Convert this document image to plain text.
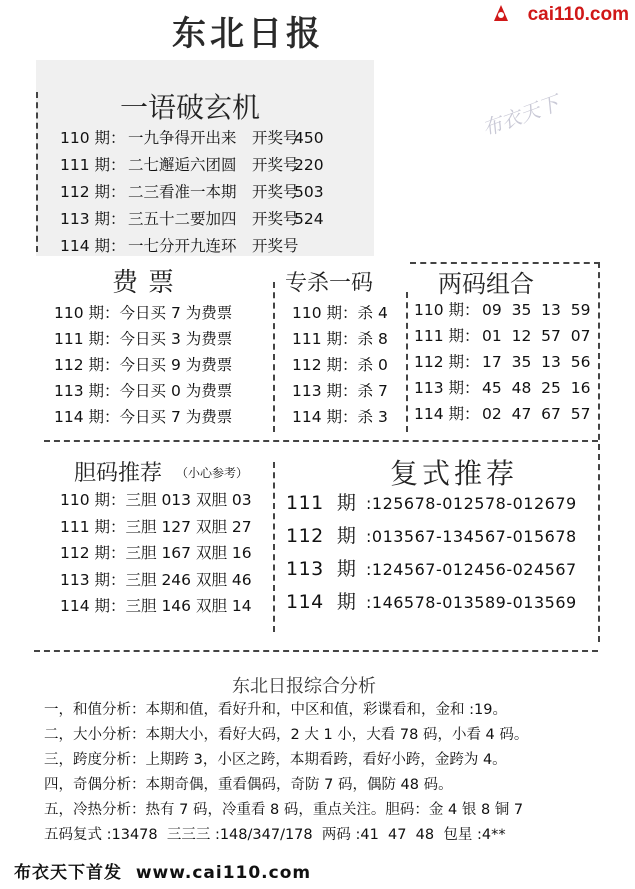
东北日报	cai110.com
一语破玄机
110 期： 一九争得开出来 开奖号450
111 期： 二七邂逅六团圆 开奖号220
112 期： 二三看准一本期 开奖号503
113 期： 三五十二要加四 开奖号524
114 期： 一七分开九连环 开奖号
布衣天下
费票
110 期：今日买 7 为费票
111 期：今日买 3 为费票
112 期：今日买 9 为费票
113 期：今日买 0 为费票
114 期：今日买 7 为费票
专杀一码
110 期：杀 4
111 期：杀 8
112 期：杀 0
113 期：杀 7
114 期：杀 3
两码组合
110 期： 09  35  13  59
111 期： 01  12  57  07
112 期： 17  35  13  56
113 期： 45  48  25  16
114 期： 02  47  67  57
胆码推荐 （小心参考）
110 期：三胆 013 双胆 03
111 期：三胆 127 双胆 27
112 期：三胆 167 双胆 16
113 期：三胆 246 双胆 46
114 期：三胆 146 双胆 14
复式推荐
111  期 :125678-012578-012679
112  期 :013567-134567-015678
113  期 :124567-012456-024567
114  期 :146578-013589-013569
东北日报综合分析
一，和值分析：本期和值，看好升和，中区和值，彩谍看和，金和 :19。
二，大小分析：本期大小，看好大码，2 大 1 小，大看 78 码，小看 4 码。
三，跨度分析：上期跨 3，小区之跨，本期看跨，看好小跨，金跨为 4。
四，奇偶分析：本期奇偶，重看偶码，奇防 7 码，偶防 48 码。
五，冷热分析：热有 7 码，冷重看 8 码，重点关注。胆码：金 4 银 8 铜 7
五码复式 :13478  三三三 :148/347/178  两码 :41  47  48  包星 :4**
布衣天下首发  www.cai110.com
